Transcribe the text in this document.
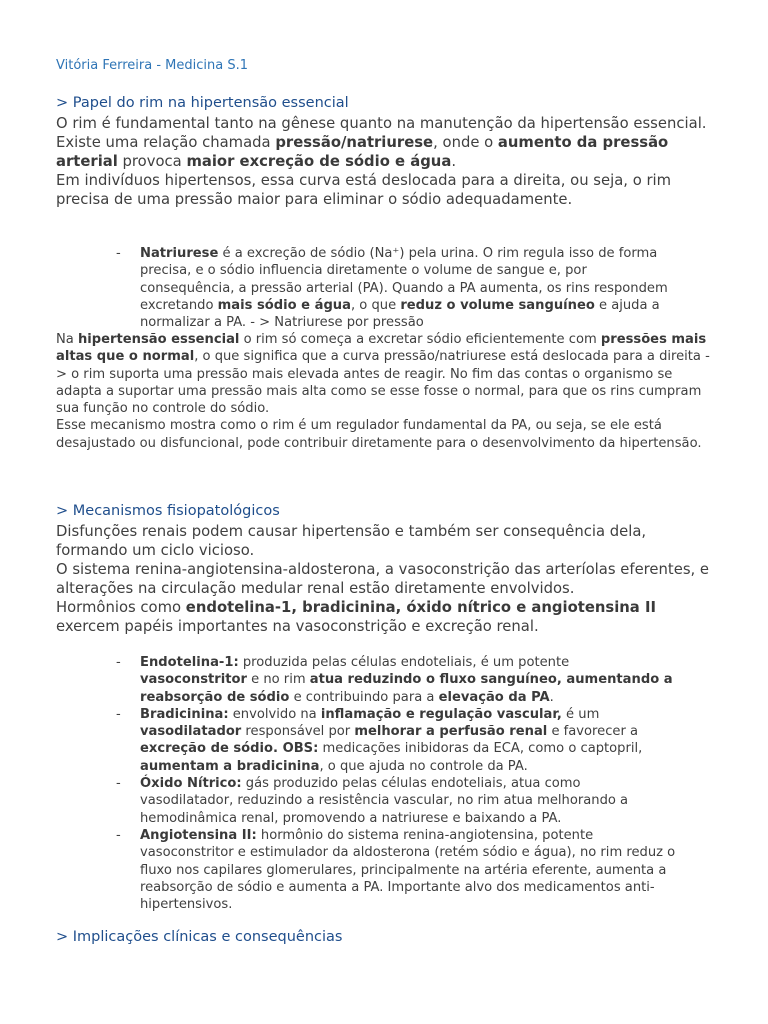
Vitória Ferreira - Medicina S.1

> Papel do rim na hipertensão essencial

O rim é fundamental tanto na gênese quanto na manutenção da hipertensão essencial.

Existe uma relação chamada pressão/natriurese, onde o aumento da pressão arterial provoca maior excreção de sódio e água.

Em indivíduos hipertensos, essa curva está deslocada para a direita, ou seja, o rim precisa de uma pressão maior para eliminar o sódio adequadamente.

- Natriurese é a excreção de sódio (Na⁺) pela urina. O rim regula isso de forma precisa, e o sódio influencia diretamente o volume de sangue e, por consequência, a pressão arterial (PA). Quando a PA aumenta, os rins respondem excretando mais sódio e água, o que reduz o volume sanguíneo e ajuda a normalizar a PA. - > Natriurese por pressão

Na hipertensão essencial o rim só começa a excretar sódio eficientemente com pressões mais altas que o normal, o que significa que a curva pressão/natriurese está deslocada para a direita - > o rim suporta uma pressão mais elevada antes de reagir. No fim das contas o organismo se adapta a suportar uma pressão mais alta como se esse fosse o normal, para que os rins cumpram sua função no controle do sódio.

Esse mecanismo mostra como o rim é um regulador fundamental da PA, ou seja, se ele está desajustado ou disfuncional, pode contribuir diretamente para o desenvolvimento da hipertensão.

> Mecanismos fisiopatológicos

Disfunções renais podem causar hipertensão e também ser consequência dela, formando um ciclo vicioso.

O sistema renina-angiotensina-aldosterona, a vasoconstrição das arteríolas eferentes, e alterações na circulação medular renal estão diretamente envolvidos.

Hormônios como endotelina-1, bradicinina, óxido nítrico e angiotensina II exercem papéis importantes na vasoconstrição e excreção renal.

- Endotelina-1: produzida pelas células endoteliais, é um potente vasoconstritor e no rim atua reduzindo o fluxo sanguíneo, aumentando a reabsorção de sódio e contribuindo para a elevação da PA.
- Bradicinina: envolvido na inflamação e regulação vascular, é um vasodilatador responsável por melhorar a perfusão renal e favorecer a excreção de sódio. OBS: medicações inibidoras da ECA, como o captopril, aumentam a bradicinina, o que ajuda no controle da PA.
- Óxido Nítrico: gás produzido pelas células endoteliais, atua como vasodilatador, reduzindo a resistência vascular, no rim atua melhorando a hemodinâmica renal, promovendo a natriurese e baixando a PA.
- Angiotensina II: hormônio do sistema renina-angiotensina, potente vasoconstritor e estimulador da aldosterona (retém sódio e água), no rim reduz o fluxo nos capilares glomerulares, principalmente na artéria eferente, aumenta a reabsorção de sódio e aumenta a PA. Importante alvo dos medicamentos anti-hipertensivos.
> Implicações clínicas e consequências
